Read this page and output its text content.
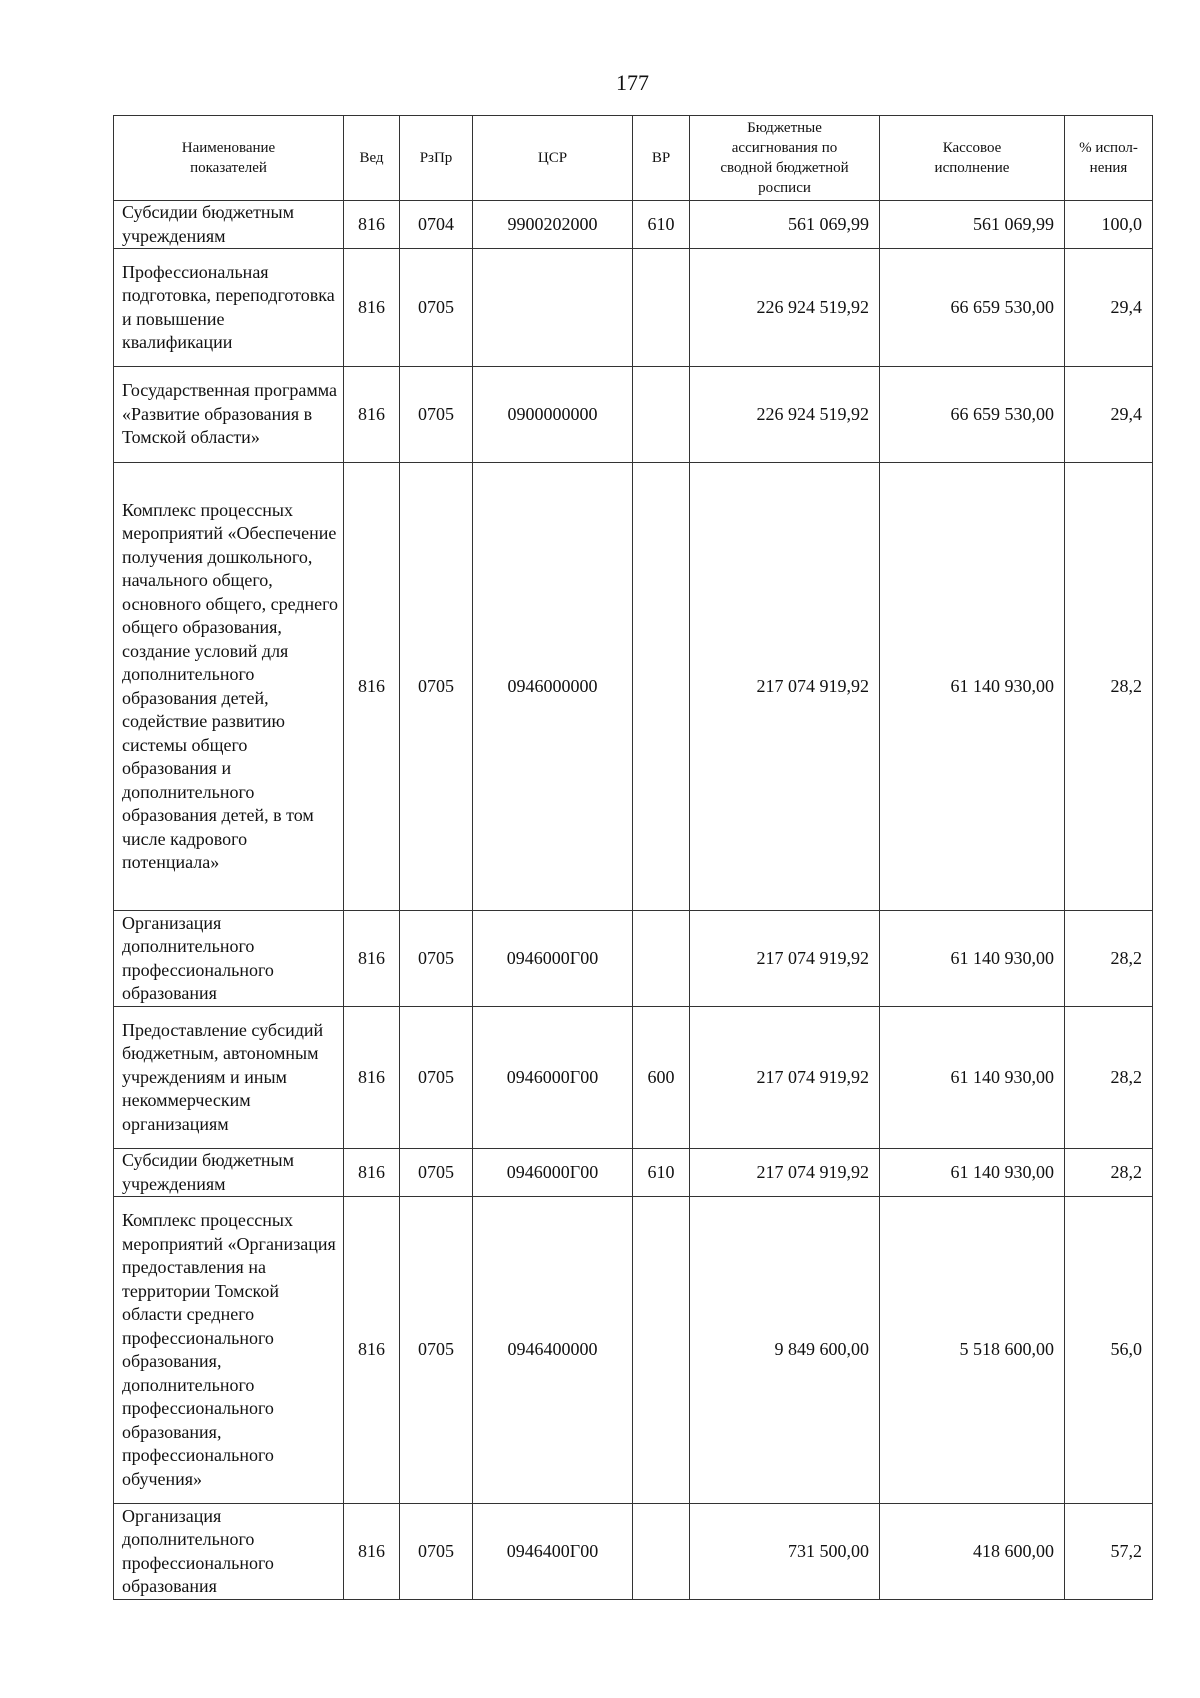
177
Наименование показателей	Вед	РзПр	ЦСР	ВР	Бюджетные ассигнования по сводной бюджетной росписи	Кассовое исполнение	% испол-нения
Субсидии бюджетным учреждениям	816	0704	9900202000	610	561 069,99	561 069,99	100,0
Профессиональная подготовка, переподготовка и повышение квалификации	816	0705			226 924 519,92	66 659 530,00	29,4
Государственная программа «Развитие образования в Томской области»	816	0705	0900000000		226 924 519,92	66 659 530,00	29,4
Комплекс процессных мероприятий «Обеспечение получения дошкольного, начального общего, основного общего, среднего общего образования, создание условий для дополнительного образования детей, содействие развитию системы общего образования и дополнительного образования детей, в том числе кадрового потенциала»	816	0705	0946000000		217 074 919,92	61 140 930,00	28,2
Организация дополнительного профессионального образования	816	0705	0946000Г00		217 074 919,92	61 140 930,00	28,2
Предоставление субсидий бюджетным, автономным учреждениям и иным некоммерческим организациям	816	0705	0946000Г00	600	217 074 919,92	61 140 930,00	28,2
Субсидии бюджетным учреждениям	816	0705	0946000Г00	610	217 074 919,92	61 140 930,00	28,2
Комплекс процессных мероприятий «Организация предоставления на территории Томской области среднего профессионального образования, дополнительного профессионального образования, профессионального обучения»	816	0705	0946400000		9 849 600,00	5 518 600,00	56,0
Организация дополнительного профессионального образования	816	0705	0946400Г00		731 500,00	418 600,00	57,2
